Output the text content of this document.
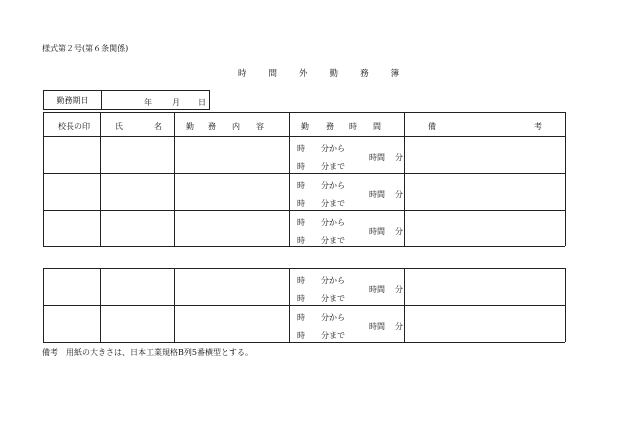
様式第２号(第６条関係)
時	間	外	勤	務	簿
勤務期日	年	月 日
校長の印	氏	名	勤 務 内 容	勤 務 時 間	備	考
時 分から
時 分まで
時間 分
時 分から
時 分まで
時間 分
時 分から
時 分まで
時間 分
時 分から
時 分まで
時間 分
時 分から
時 分まで
時間 分
備考　用紙の大きさは、日本工業規格B列5番横型とする。
